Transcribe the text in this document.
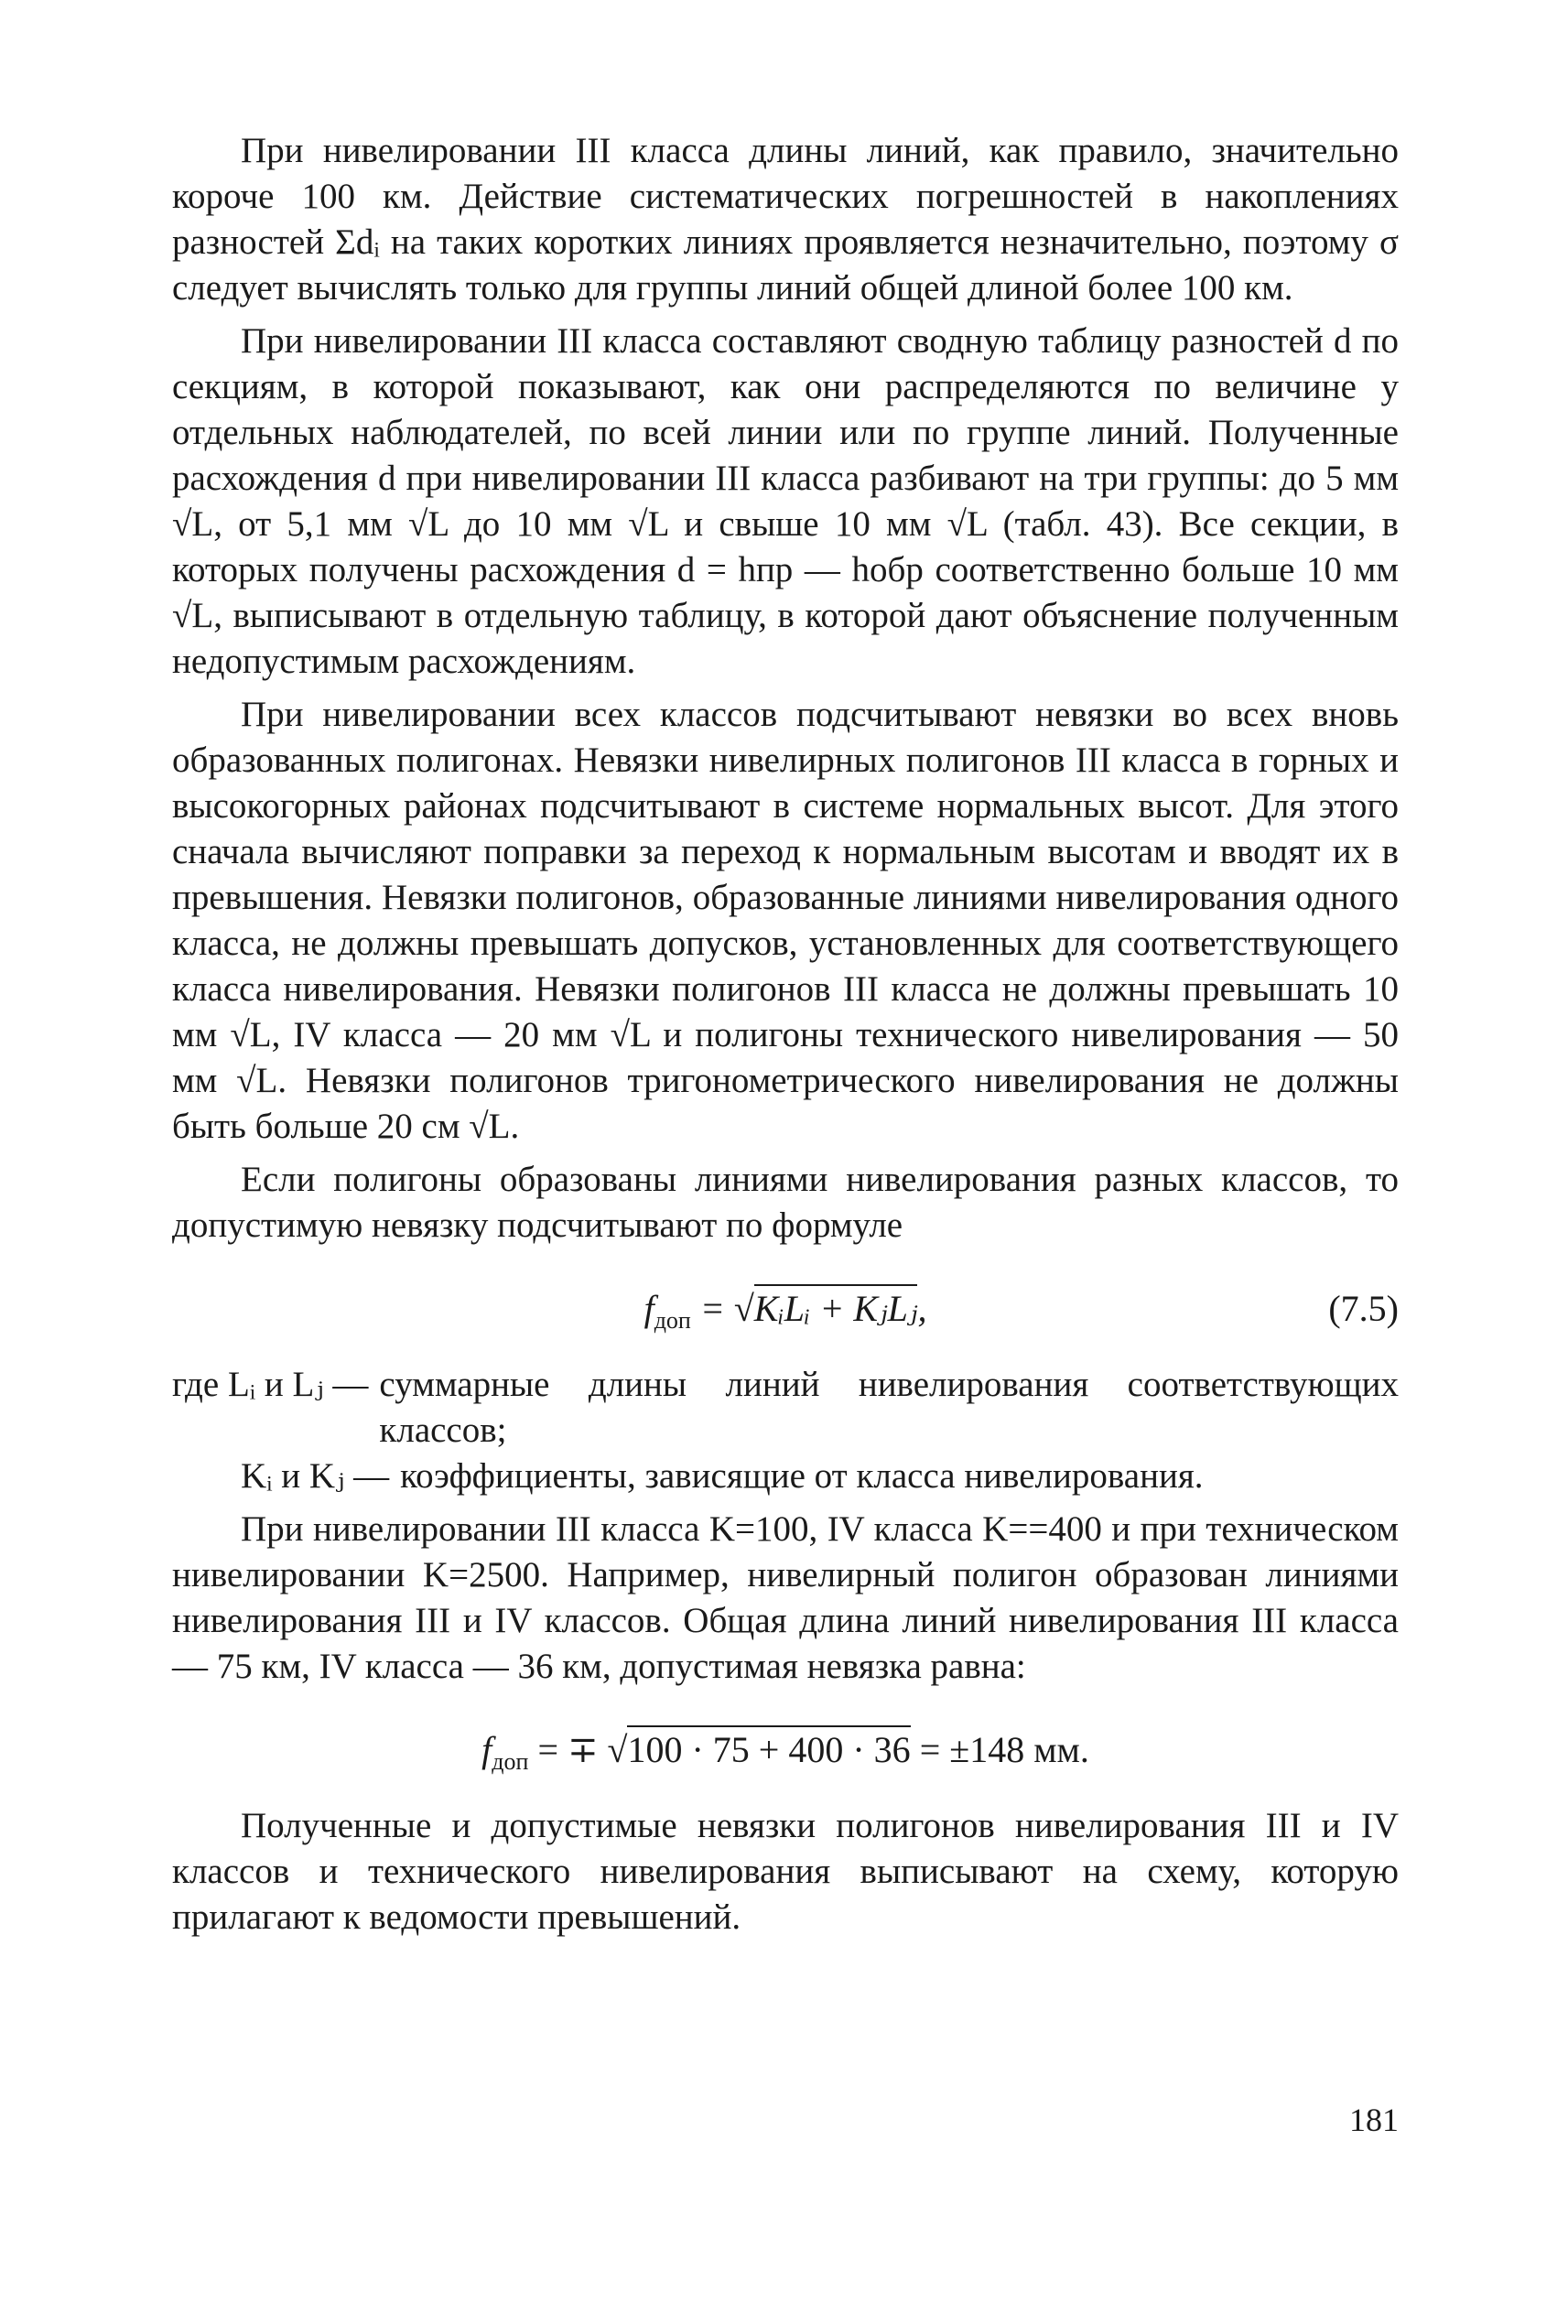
При нивелировании III класса длины линий, как правило, значительно короче 100 км. Действие систематических погрешностей в накоплениях разностей Σdᵢ на таких коротких линиях проявляется незначительно, поэтому σ следует вычислять только для группы линий общей длиной более 100 км.

При нивелировании III класса составляют сводную таблицу разностей d по секциям, в которой показывают, как они распределяются по величине у отдельных наблюдателей, по всей линии или по группе линий. Полученные расхождения d при нивелировании III класса разбивают на три группы: до 5 мм √L, от 5,1 мм √L до 10 мм √L и свыше 10 мм √L (табл. 43). Все секции, в которых получены расхождения d = hпр — hобр соответственно больше 10 мм √L, выписывают в отдельную таблицу, в которой дают объяснение полученным недопустимым расхождениям.

При нивелировании всех классов подсчитывают невязки во всех вновь образованных полигонах. Невязки нивелирных полигонов III класса в горных и высокогорных районах подсчитывают в системе нормальных высот. Для этого сначала вычисляют поправки за переход к нормальным высотам и вводят их в превышения. Невязки полигонов, образованные линиями нивелирования одного класса, не должны превышать допусков, установленных для соответствующего класса нивелирования. Невязки полигонов III класса не должны превышать 10 мм √L, IV класса — 20 мм √L и полигоны технического нивелирования — 50 мм √L. Невязки полигонов тригонометрического нивелирования не должны быть больше 20 см √L.

Если полигоны образованы линиями нивелирования разных классов, то допустимую невязку подсчитывают по формуле

$f_{доп}$ = √KᵢLᵢ + KⱼLⱼ,	(7.5)
где Lᵢ и Lⱼ — суммарные длины линий нивелирования соответствующих классов;
Kᵢ и Kⱼ — коэффициенты, зависящие от класса нивелирования.

При нивелировании III класса K=100, IV класса K==400 и при техническом нивелировании K=2500. Например, нивелирный полигон образован линиями нивелирования III и IV классов. Общая длина линий нивелирования III класса — 75 км, IV класса — 36 км, допустимая невязка равна:

$f_{доп}$ = ∓ √100 · 75 + 400 · 36 = ±148 мм.

Полученные и допустимые невязки полигонов нивелирования III и IV классов и технического нивелирования выписывают на схему, которую прилагают к ведомости превышений.

181
